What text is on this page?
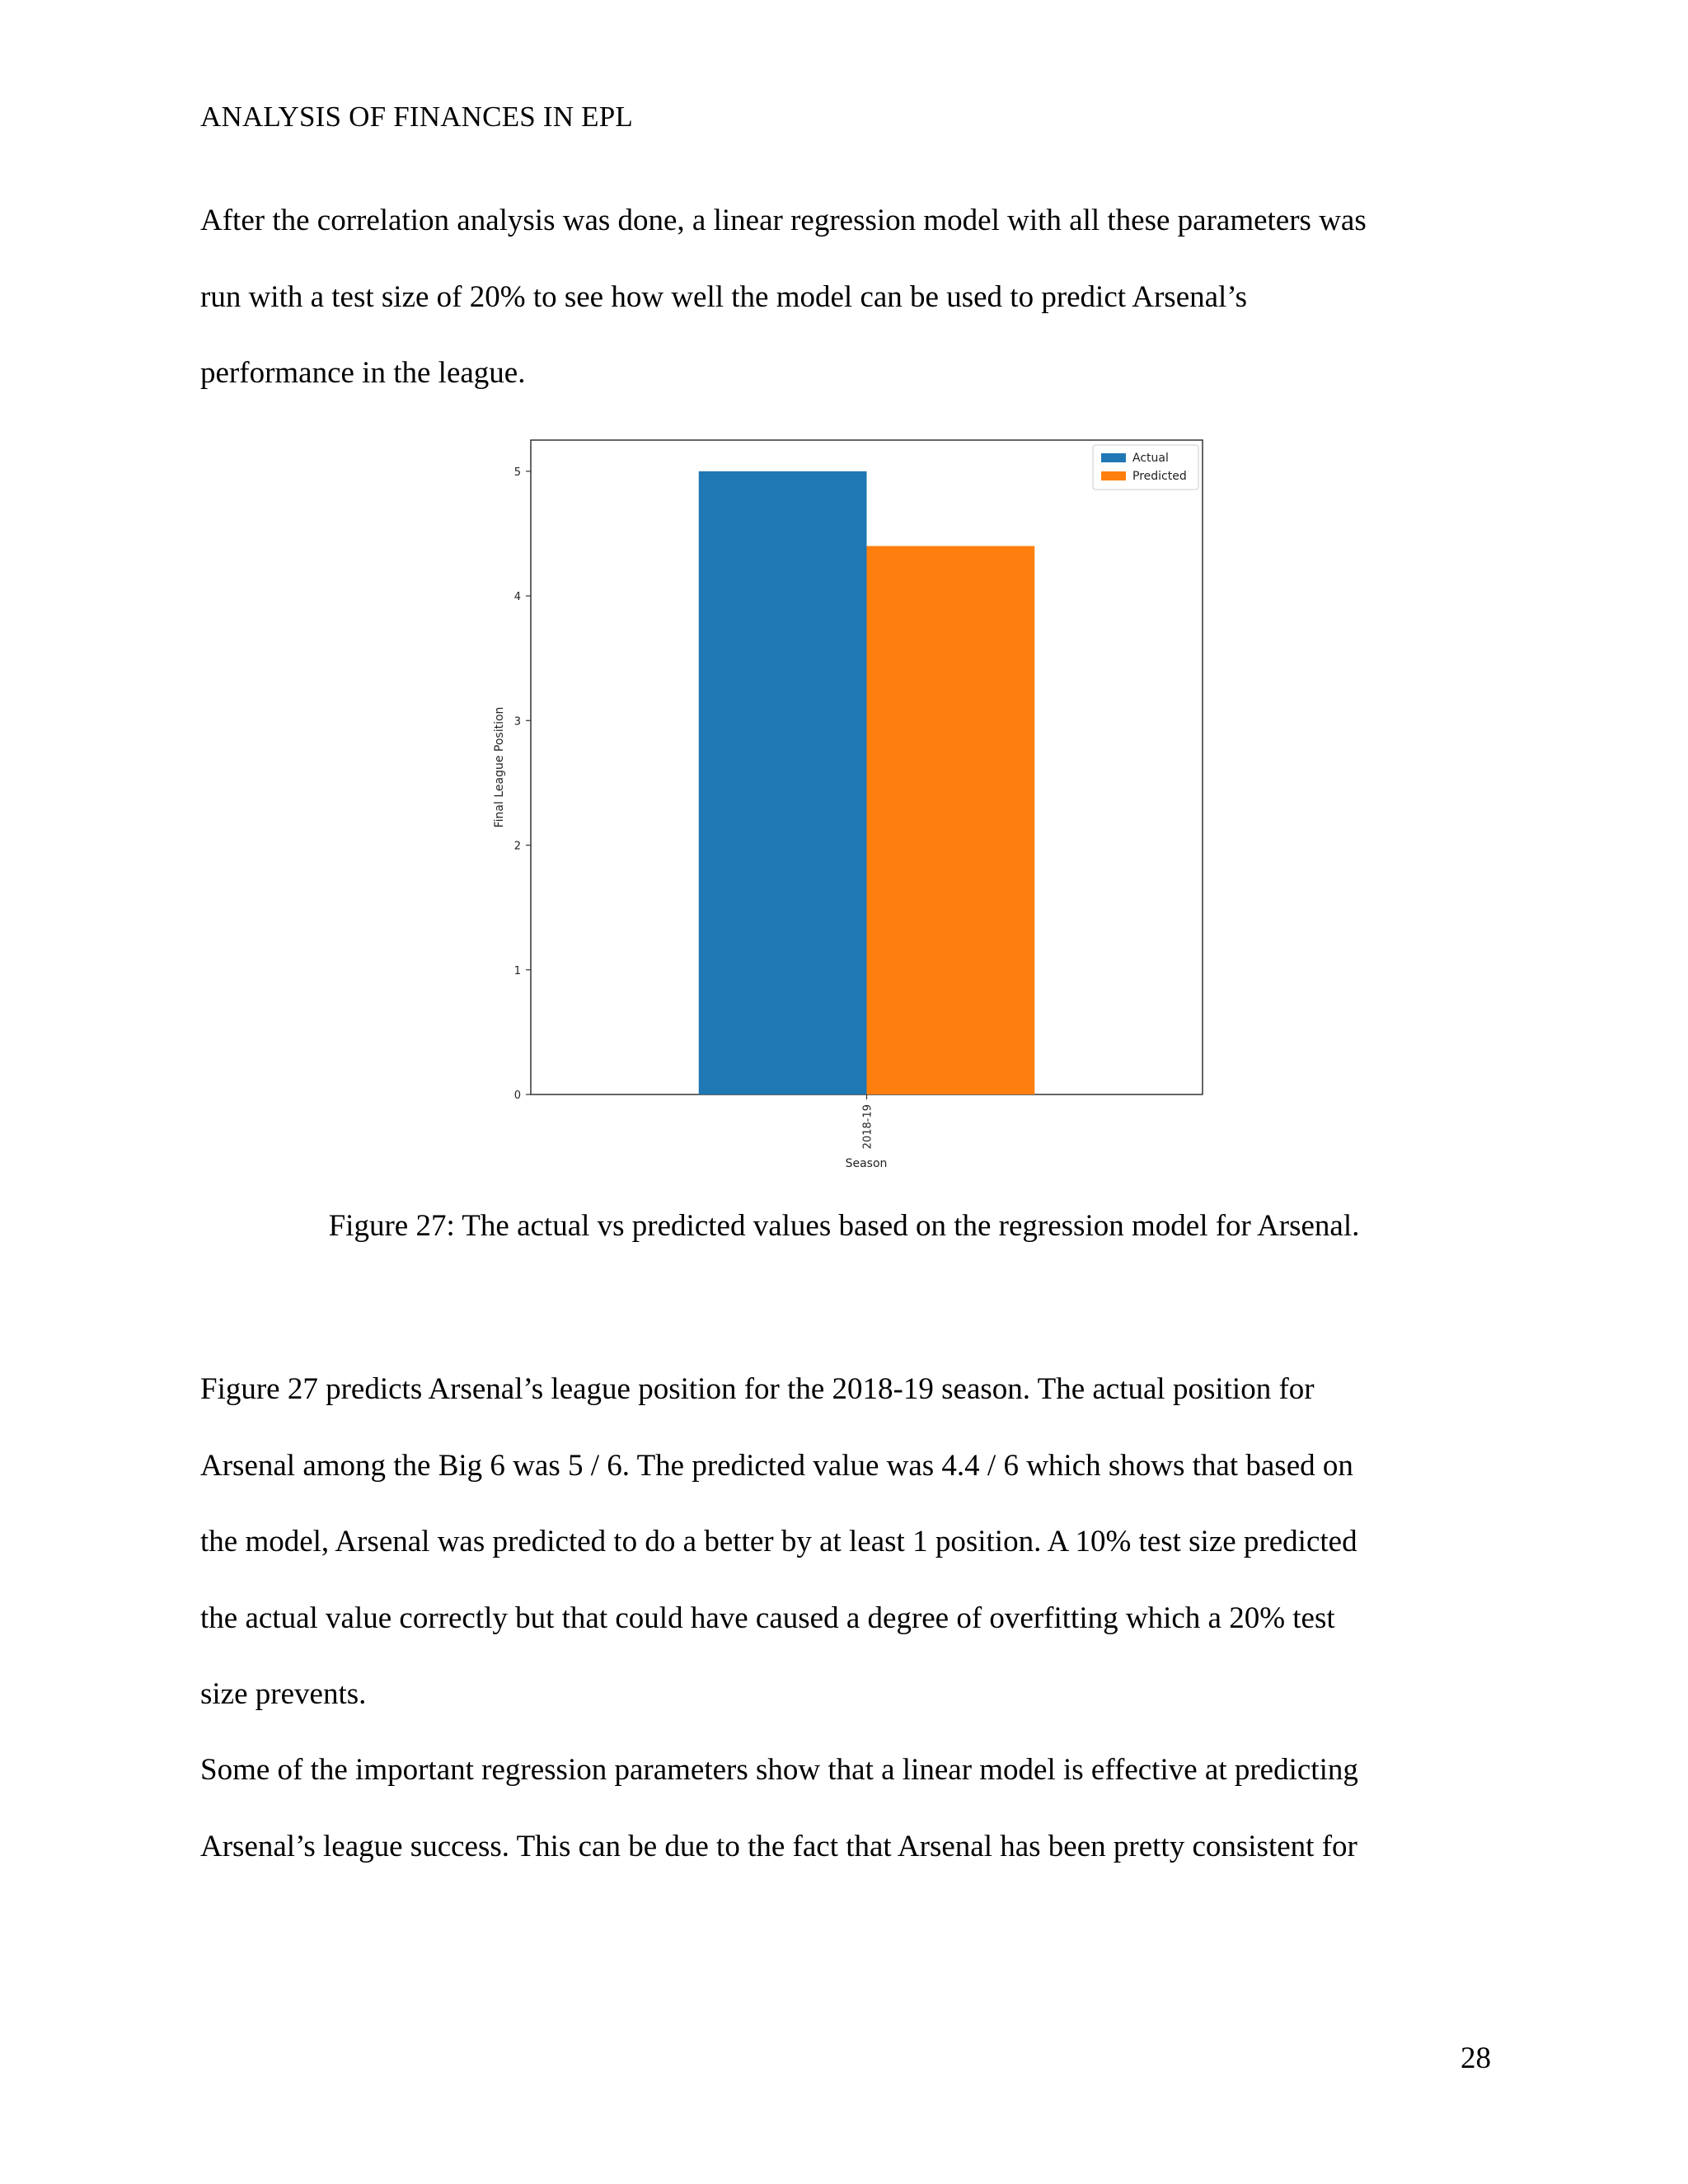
ANALYSIS OF FINANCES IN EPL

After the correlation analysis was done, a linear regression model with all these parameters was
run with a test size of 20% to see how well the model can be used to predict Arsenal’s
performance in the league.

0
1
2
3
4
5
2018-19
Final League Position
Season
Actual
Predicted
Figure 27: The actual vs predicted values based on the regression model for Arsenal.

Figure 27 predicts Arsenal’s league position for the 2018-19 season. The actual position for
Arsenal among the Big 6 was 5 / 6. The predicted value was 4.4 / 6 which shows that based on
the model, Arsenal was predicted to do a better by at least 1 position. A 10% test size predicted
the actual value correctly but that could have caused a degree of overfitting which a 20% test
size prevents.

Some of the important regression parameters show that a linear model is effective at predicting
Arsenal’s league success. This can be due to the fact that Arsenal has been pretty consistent for

28
